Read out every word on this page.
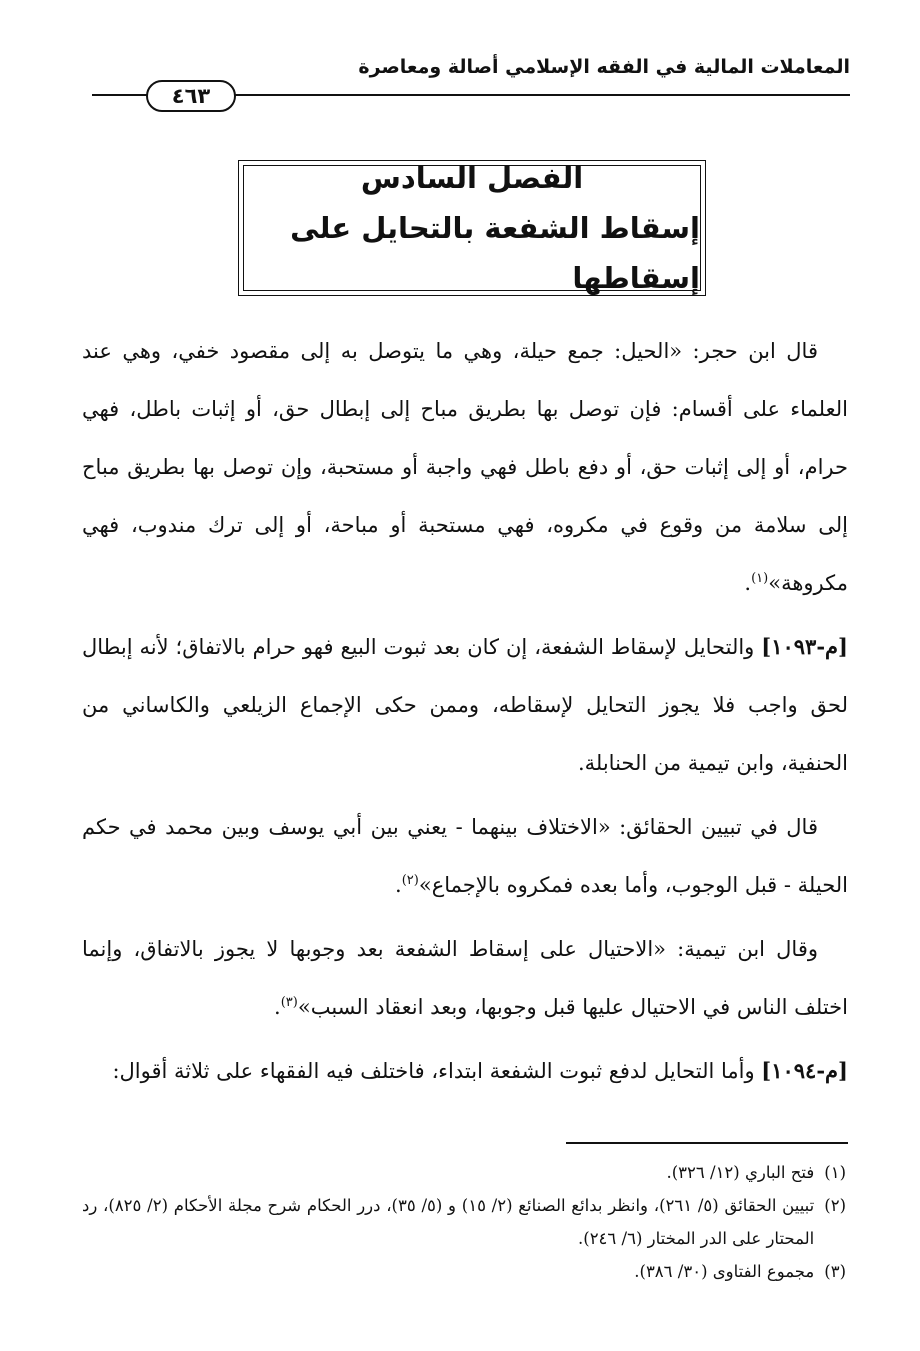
المعاملات المالية في الفقه الإسلامي أصالة ومعاصرة
٤٦٣
الفصل السادس
إسقاط الشفعة بالتحايل على إسقاطها

قال ابن حجر: «الحيل: جمع حيلة، وهي ما يتوصل به إلى مقصود خفي، وهي عند العلماء على أقسام: فإن توصل بها بطريق مباح إلى إبطال حق، أو إثبات باطل، فهي حرام، أو إلى إثبات حق، أو دفع باطل فهي واجبة أو مستحبة، وإن توصل بها بطريق مباح إلى سلامة من وقوع في مكروه، فهي مستحبة أو مباحة، أو إلى ترك مندوب، فهي مكروهة»$^{(١)}$.

[م-١٠٩٣] والتحايل لإسقاط الشفعة، إن كان بعد ثبوت البيع فهو حرام بالاتفاق؛ لأنه إبطال لحق واجب فلا يجوز التحايل لإسقاطه، وممن حكى الإجماع الزيلعي والكاساني من الحنفية، وابن تيمية من الحنابلة.

قال في تبيين الحقائق: «الاختلاف بينهما - يعني بين أبي يوسف وبين محمد في حكم الحيلة - قبل الوجوب، وأما بعده فمكروه بالإجماع»$^{(٢)}$.

وقال ابن تيمية: «الاحتيال على إسقاط الشفعة بعد وجوبها لا يجوز بالاتفاق، وإنما اختلف الناس في الاحتيال عليها قبل وجوبها، وبعد انعقاد السبب»$^{(٣)}$.

[م-١٠٩٤] وأما التحايل لدفع ثبوت الشفعة ابتداء، فاختلف فيه الفقهاء على ثلاثة أقوال:

(١)
فتح الباري (١٢/ ٣٢٦).
(٢)
تبيين الحقائق (٥/ ٢٦١)، وانظر بدائع الصنائع (٢/ ١٥) و (٥/ ٣٥)، درر الحكام شرح مجلة الأحكام (٢/ ٨٢٥)، رد المحتار على الدر المختار (٦/ ٢٤٦).
(٣)
مجموع الفتاوى (٣٠/ ٣٨٦).
